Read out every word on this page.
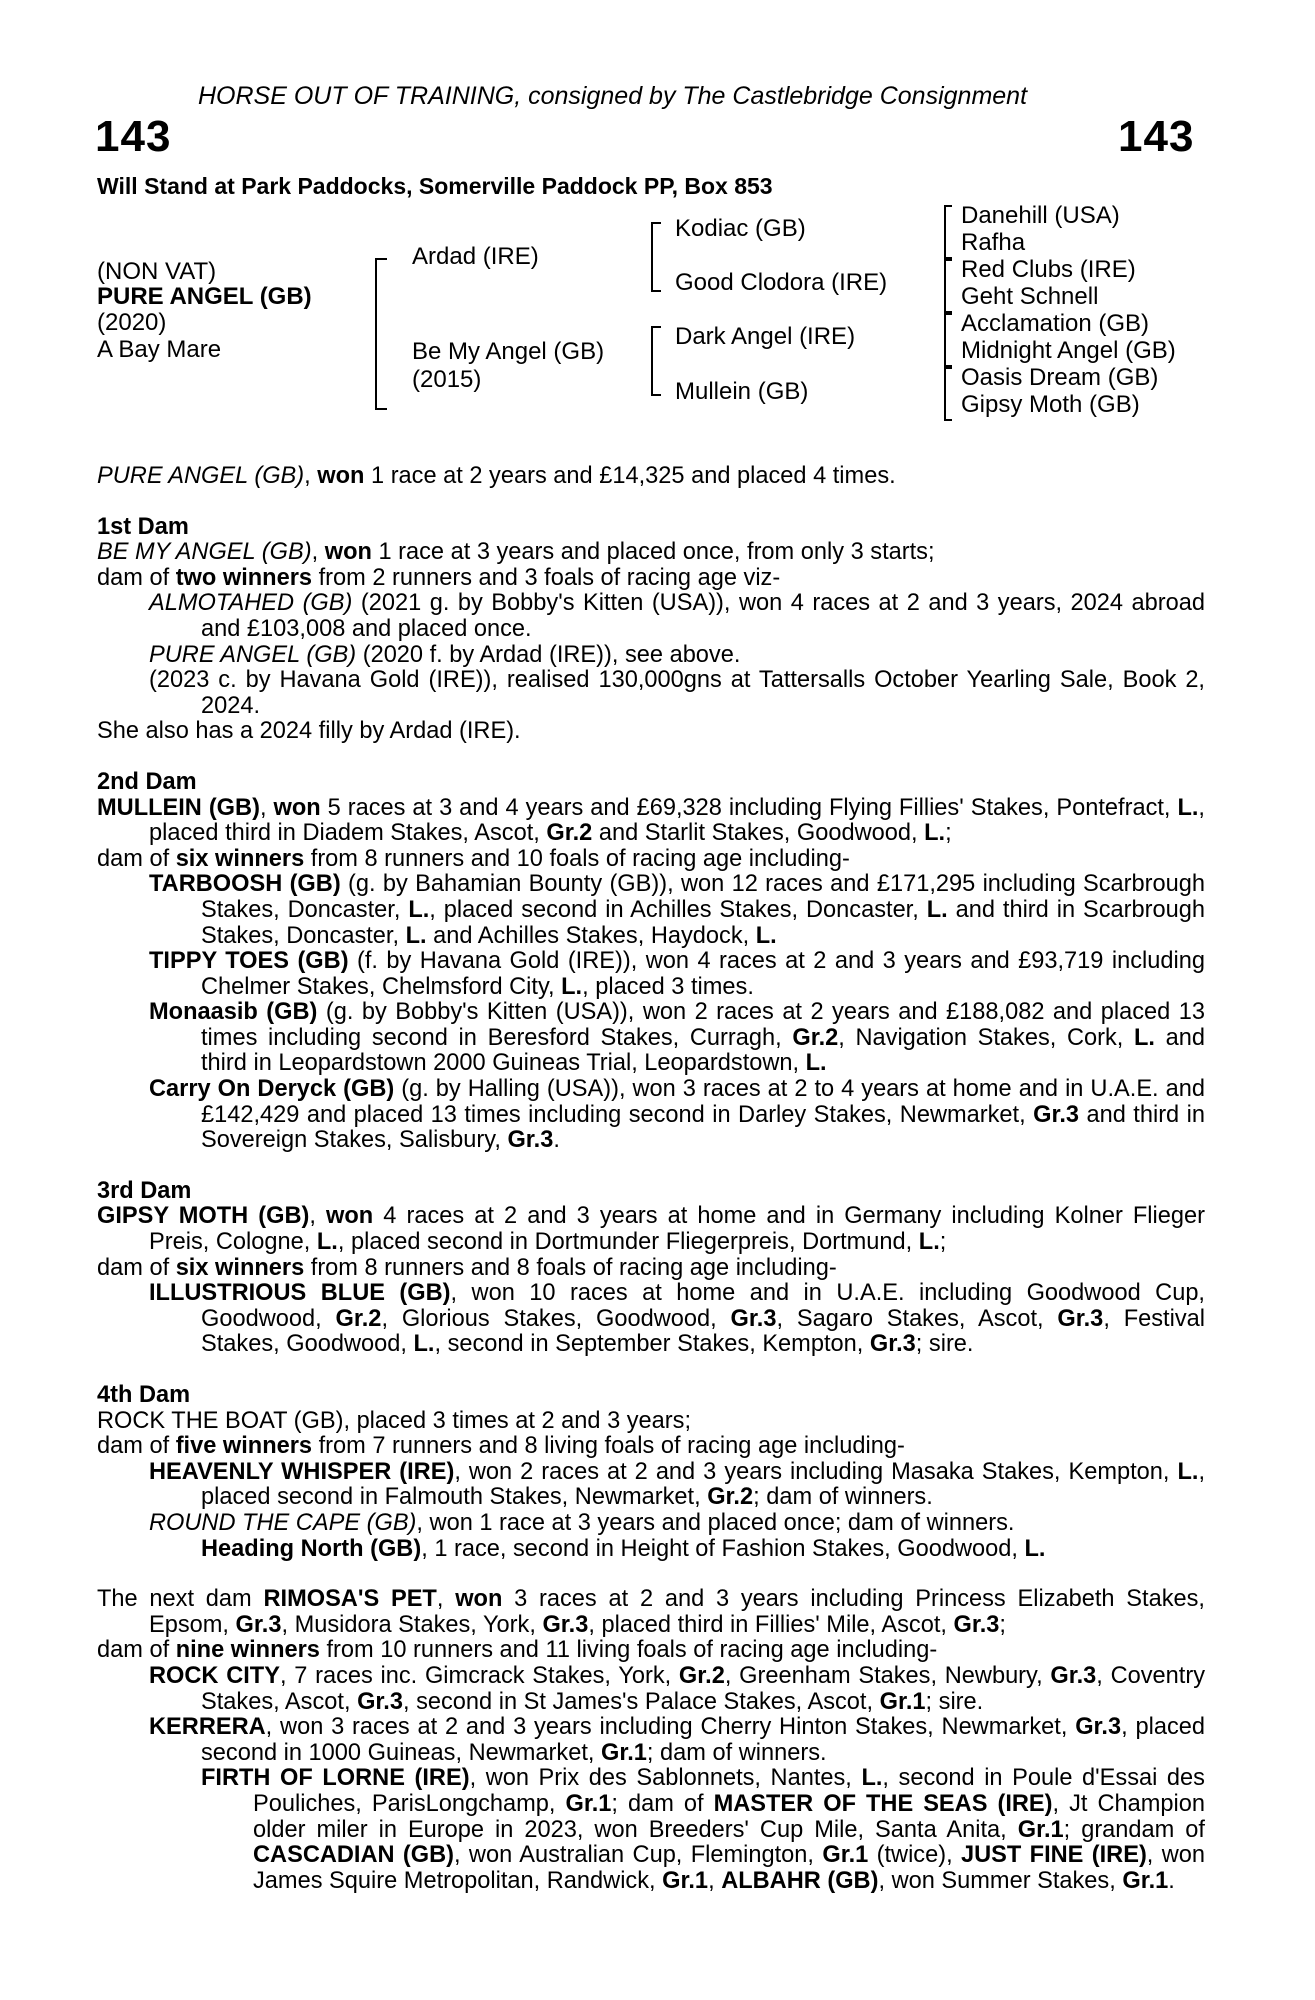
HORSE OUT OF TRAINING, consigned by The Castlebridge Consignment
143	143
Will Stand at Park Paddocks, Somerville Paddock PP, Box 853
(NON VAT)
PURE ANGEL (GB)
(2020)
A Bay Mare
Ardad (IRE)
Be My Angel (GB)
(2015)
Kodiac (GB)
Good Clodora (IRE)
Dark Angel (IRE)
Mullein (GB)
Danehill (USA)
Rafha
Red Clubs (IRE)
Geht Schnell
Acclamation (GB)
Midnight Angel (GB)
Oasis Dream (GB)
Gipsy Moth (GB)
PURE ANGEL (GB), won 1 race at 2 years and £14,325 and placed 4 times.
1st Dam
BE MY ANGEL (GB), won 1 race at 3 years and placed once, from only 3 starts;
dam of two winners from 2 runners and 3 foals of racing age viz-
ALMOTAHED (GB) (2021 g. by Bobby's Kitten (USA)), won 4 races at 2 and 3 years, 2024 abroad and £103,008 and placed once.
PURE ANGEL (GB) (2020 f. by Ardad (IRE)), see above.
(2023 c. by Havana Gold (IRE)), realised 130,000gns at Tattersalls October Yearling Sale, Book 2, 2024.
She also has a 2024 filly by Ardad (IRE).
2nd Dam
MULLEIN (GB), won 5 races at 3 and 4 years and £69,328 including Flying Fillies' Stakes, Pontefract, L., placed third in Diadem Stakes, Ascot, Gr.2 and Starlit Stakes, Goodwood, L.;
dam of six winners from 8 runners and 10 foals of racing age including-
TARBOOSH (GB) (g. by Bahamian Bounty (GB)), won 12 races and £171,295 including Scarbrough Stakes, Doncaster, L., placed second in Achilles Stakes, Doncaster, L. and third in Scarbrough Stakes, Doncaster, L. and Achilles Stakes, Haydock, L.
TIPPY TOES (GB) (f. by Havana Gold (IRE)), won 4 races at 2 and 3 years and £93,719 including Chelmer Stakes, Chelmsford City, L., placed 3 times.
Monaasib (GB) (g. by Bobby's Kitten (USA)), won 2 races at 2 years and £188,082 and placed 13 times including second in Beresford Stakes, Curragh, Gr.2, Navigation Stakes, Cork, L. and third in Leopardstown 2000 Guineas Trial, Leopardstown, L.
Carry On Deryck (GB) (g. by Halling (USA)), won 3 races at 2 to 4 years at home and in U.A.E. and £142,429 and placed 13 times including second in Darley Stakes, Newmarket, Gr.3 and third in Sovereign Stakes, Salisbury, Gr.3.
3rd Dam
GIPSY MOTH (GB), won 4 races at 2 and 3 years at home and in Germany including Kolner Flieger Preis, Cologne, L., placed second in Dortmunder Fliegerpreis, Dortmund, L.;
dam of six winners from 8 runners and 8 foals of racing age including-
ILLUSTRIOUS BLUE (GB), won 10 races at home and in U.A.E. including Goodwood Cup, Goodwood, Gr.2, Glorious Stakes, Goodwood, Gr.3, Sagaro Stakes, Ascot, Gr.3, Festival Stakes, Goodwood, L., second in September Stakes, Kempton, Gr.3; sire.
4th Dam
ROCK THE BOAT (GB), placed 3 times at 2 and 3 years;
dam of five winners from 7 runners and 8 living foals of racing age including-
HEAVENLY WHISPER (IRE), won 2 races at 2 and 3 years including Masaka Stakes, Kempton, L., placed second in Falmouth Stakes, Newmarket, Gr.2; dam of winners.
ROUND THE CAPE (GB), won 1 race at 3 years and placed once; dam of winners.
Heading North (GB), 1 race, second in Height of Fashion Stakes, Goodwood, L.
The next dam RIMOSA'S PET, won 3 races at 2 and 3 years including Princess Elizabeth Stakes, Epsom, Gr.3, Musidora Stakes, York, Gr.3, placed third in Fillies' Mile, Ascot, Gr.3;
dam of nine winners from 10 runners and 11 living foals of racing age including-
ROCK CITY, 7 races inc. Gimcrack Stakes, York, Gr.2, Greenham Stakes, Newbury, Gr.3, Coventry Stakes, Ascot, Gr.3, second in St James's Palace Stakes, Ascot, Gr.1; sire.
KERRERA, won 3 races at 2 and 3 years including Cherry Hinton Stakes, Newmarket, Gr.3, placed second in 1000 Guineas, Newmarket, Gr.1; dam of winners.
FIRTH OF LORNE (IRE), won Prix des Sablonnets, Nantes, L., second in Poule d'Essai des Pouliches, ParisLongchamp, Gr.1; dam of MASTER OF THE SEAS (IRE), Jt Champion older miler in Europe in 2023, won Breeders' Cup Mile, Santa Anita, Gr.1; grandam of CASCADIAN (GB), won Australian Cup, Flemington, Gr.1 (twice), JUST FINE (IRE), won James Squire Metropolitan, Randwick, Gr.1, ALBAHR (GB), won Summer Stakes, Gr.1.
